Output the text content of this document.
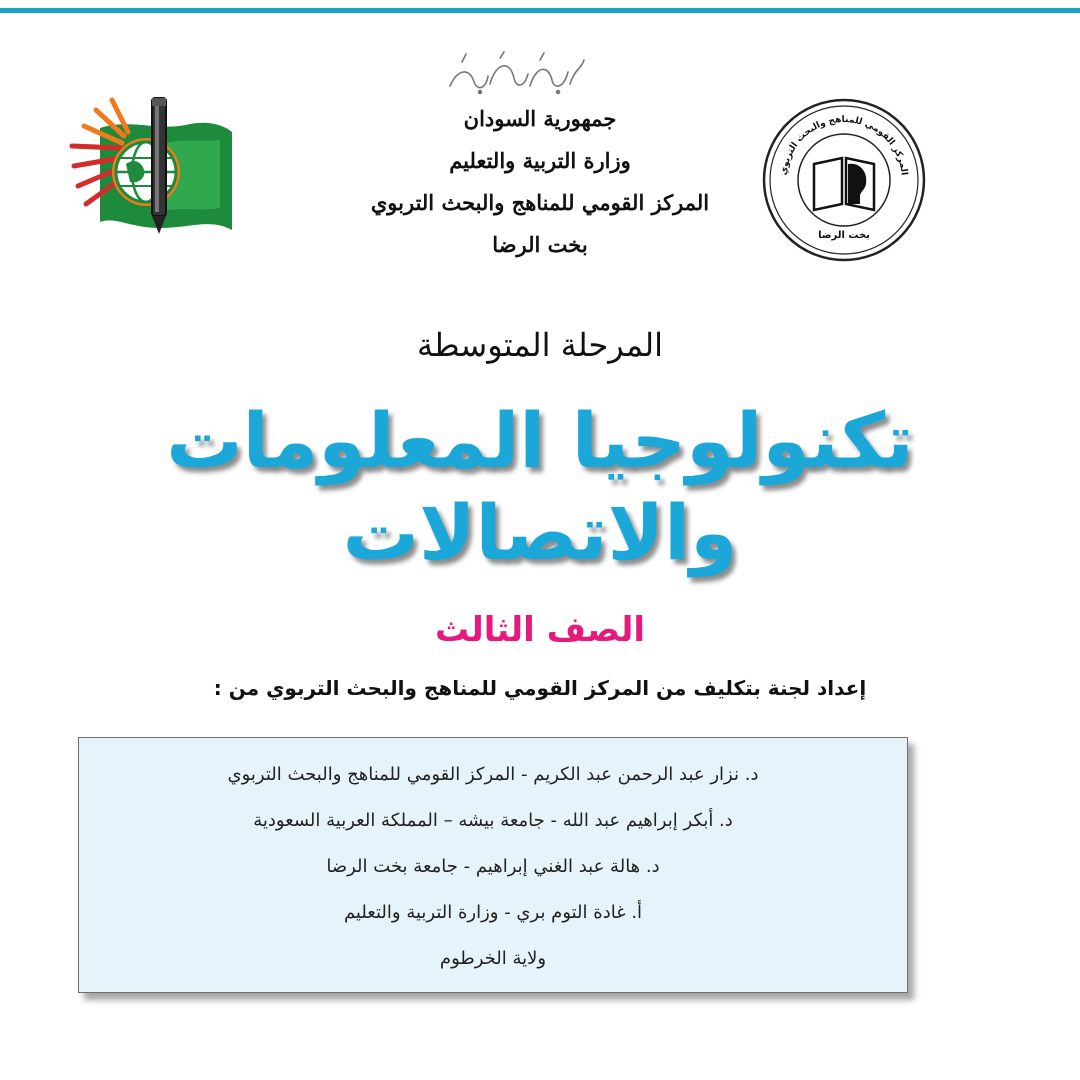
جمهورية السودان
وزارة التربية والتعليم
المركز القومي للمناهج والبحث التربوي
بخت الرضا
المركز القومي للمناهج والبحث التربوي
بخت الرضا
المرحلة المتوسطة
تكنولوجيا المعلومات
والاتصالات
الصف الثالث
إعداد لجنة بتكليف من المركز القومي للمناهج والبحث التربوي من :
د. نزار عبد الرحمن عبد الكريم - المركز القومي للمناهج والبحث التربوي
د. أبكر إبراهيم عبد الله - جامعة بيشه – المملكة العربية السعودية
د. هالة عبد الغني إبراهيم - جامعة بخت الرضا
أ. غادة التوم بري - وزارة التربية والتعليم
ولاية الخرطوم
